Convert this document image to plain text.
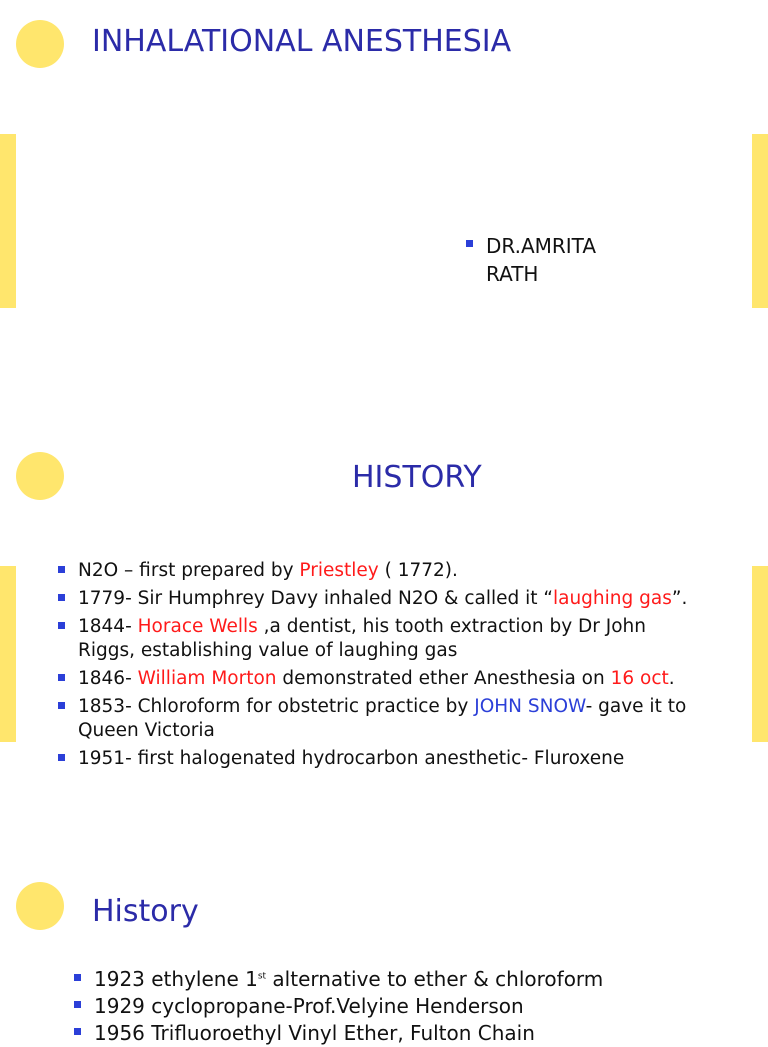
INHALATIONAL ANESTHESIA
DR.AMRITA
RATH
HISTORY
N2O – first prepared by Priestley ( 1772).
1779- Sir Humphrey Davy inhaled N2O & called it “laughing gas”.
1844- Horace Wells ,a dentist, his tooth extraction by Dr John Riggs, establishing value of laughing gas
1846- William Morton demonstrated ether Anesthesia on 16 oct.
1853- Chloroform for obstetric practice by JOHN SNOW- gave it to Queen Victoria
1951- first halogenated hydrocarbon anesthetic- Fluroxene
History
1923 ethylene 1st alternative to ether & chloroform
1929 cyclopropane-Prof.Velyine Henderson
1956 Trifluoroethyl Vinyl Ether, Fulton Chain
